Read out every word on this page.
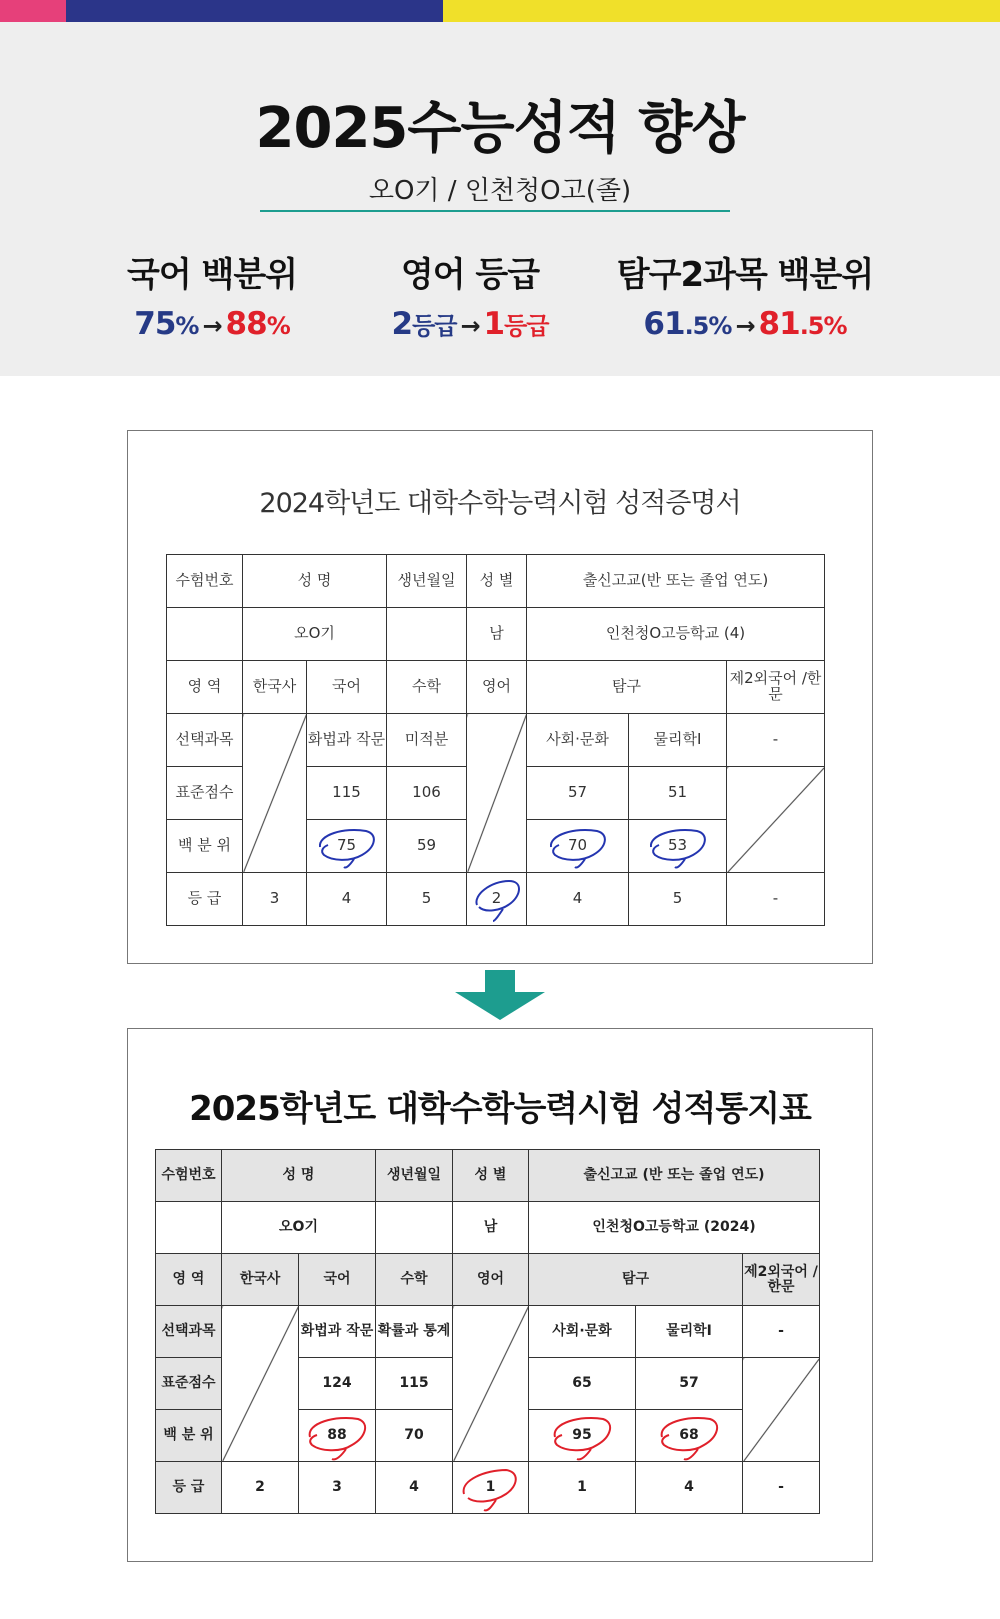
2025수능성적 향상
오O기 / 인천청O고(졸)
국어 백분위
75% → 88%
영어 등급
2등급 → 1등급
탐구2과목 백분위
61.5% → 81.5%
2024학년도 대학수학능력시험 성적증명서
수험번호	성 명		생년월일	성 별	출신고교(반 또는 졸업 연도)		
	오O기			남	인천청O고등학교 (4)		
영 역	한국사	국어	수학	영어	탐구		제2외국어 /한문
선택과목		화법과 작문	미적분		사회·문화	물리학Ⅰ	-
표준점수		115	106		57	51	
백 분 위		75	59		70	53	
등 급	3	4	5	2	4	5	-
2025학년도 대학수학능력시험 성적통지표
수험번호	성 명		생년월일	성 별	출신고교 (반 또는 졸업 연도)		
	오O기			남	인천청O고등학교 (2024)		
영 역	한국사	국어	수학	영어	탐구		제2외국어 /한문
선택과목		화법과 작문	확률과 통계		사회·문화	물리학Ⅰ	-
표준점수		124	115		65	57	
백 분 위		88	70		95	68	
등 급	2	3	4	1	1	4	-
